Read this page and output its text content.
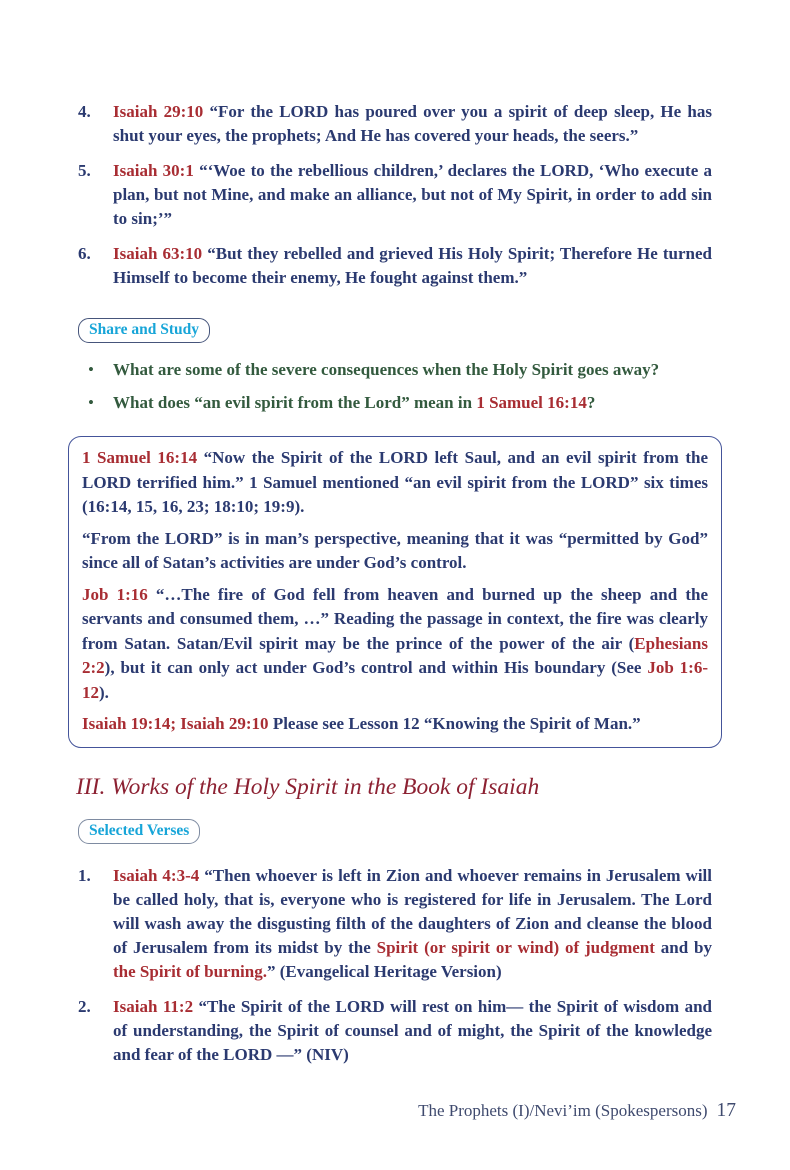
4.	Isaiah 29:10 “For the LORD has poured over you a spirit of deep sleep, He has shut your eyes, the prophets; And He has covered your heads, the seers.”

5.	Isaiah 30:1 “‘Woe to the rebellious children,’ declares the LORD, ‘Who execute a plan, but not Mine, and make an alliance, but not of My Spirit, in order to add sin to sin;’”

6.	Isaiah 63:10 “But they rebelled and grieved His Holy Spirit; Therefore He turned Himself to become their enemy, He fought against them.”

Share and Study
•

What are some of the severe consequences when the Holy Spirit goes away?

•

What does “an evil spirit from the Lord” mean in 1 Samuel 16:14?

1 Samuel 16:14 “Now the Spirit of the LORD left Saul, and an evil spirit from the LORD terrified him.” 1 Samuel mentioned “an evil spirit from the LORD” six times (16:14, 15, 16, 23; 18:10; 19:9).

“From the LORD” is in man’s perspective, meaning that it was “permitted by God” since all of Satan’s activities are under God’s control.

Job 1:16 “…The fire of God fell from heaven and burned up the sheep and the servants and consumed them, …” Reading the passage in context, the fire was clearly from Satan. Satan/Evil spirit may be the prince of the power of the air (Ephesians 2:2), but it can only act under God’s control and within His boundary (See Job 1:6-12).

Isaiah 19:14; Isaiah 29:10 Please see Lesson 12 “Knowing the Spirit of Man.”

III. Works of the Holy Spirit in the Book of Isaiah
Selected Verses
1.	Isaiah 4:3-4 “Then whoever is left in Zion and whoever remains in Jerusalem will be called holy, that is, everyone who is registered for life in Jerusalem. The Lord will wash away the disgusting filth of the daughters of Zion and cleanse the blood of Jerusalem from its midst by the Spirit (or spirit or wind) of judgment and by the Spirit of burning.” (Evangelical Heritage Version)

2.	Isaiah 11:2 “The Spirit of the LORD will rest on him— the Spirit of wisdom and of understanding, the Spirit of counsel and of might, the Spirit of the knowledge and fear of the LORD —” (NIV)

The Prophets (I)/Nevi’im (Spokespersons) 17
